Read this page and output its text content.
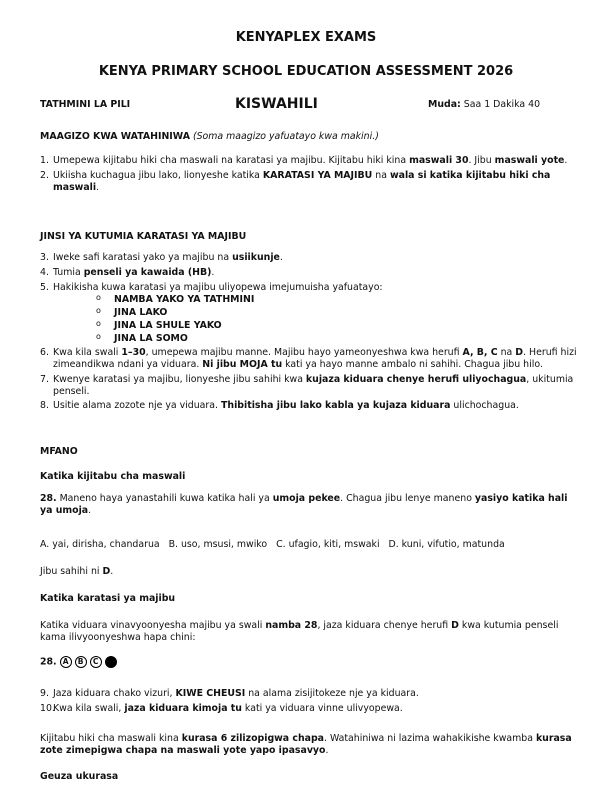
KENYAPLEX EXAMS
KENYA PRIMARY SCHOOL EDUCATION ASSESSMENT 2026
TATHMINI LA PILI	KISWAHILI	Muda: Saa 1 Dakika 40
MAAGIZO KWA WATAHINIWA (Soma maagizo yafuatayo kwa makini.)
1. Umepewa kijitabu hiki cha maswali na karatasi ya majibu. Kijitabu hiki kina maswali 30. Jibu maswali yote.
2. Ukiisha kuchagua jibu lako, lionyeshe katika KARATASI YA MAJIBU na wala si katika kijitabu hiki cha maswali.
JINSI YA KUTUMIA KARATASI YA MAJIBU
3. Iweke safi karatasi yako ya majibu na usiikunje.
4. Tumia penseli ya kawaida (HB).
5. Hakikisha kuwa karatasi ya majibu uliyopewa imejumuisha yafuatayo:
o NAMBA YAKO YA TATHMINI
o JINA LAKO
o JINA LA SHULE YAKO
o JINA LA SOMO
6. Kwa kila swali 1–30, umepewa majibu manne. Majibu hayo yameonyeshwa kwa herufi A, B, C na D. Herufi hizi zimeandikwa ndani ya viduara. Ni jibu MOJA tu kati ya hayo manne ambalo ni sahihi. Chagua jibu hilo.
7. Kwenye karatasi ya majibu, lionyeshe jibu sahihi kwa kujaza kiduara chenye herufi uliyochagua, ukitumia penseli.
8. Usitie alama zozote nje ya viduara. Thibitisha jibu lako kabla ya kujaza kiduara ulichochagua.
MFANO
Katika kijitabu cha maswali
28. Maneno haya yanastahili kuwa katika hali ya umoja pekee. Chagua jibu lenye maneno yasiyo katika hali ya umoja.
A. yai, dirisha, chandarua   B. uso, msusi, mwiko   C. ufagio, kiti, mswaki   D. kuni, vifutio, matunda
Jibu sahihi ni D.
Katika karatasi ya majibu
Katika viduara vinavyoonyesha majibu ya swali namba 28, jaza kiduara chenye herufi D kwa kutumia penseli kama ilivyoonyeshwa hapa chini:
28. A	B	C	D
9. Jaza kiduara chako vizuri, KIWE CHEUSI na alama zisijitokeze nje ya kiduara.
10.
Kwa kila swali, jaza kiduara kimoja tu kati ya viduara vinne ulivyopewa.
Kijitabu hiki cha maswali kina kurasa 6 zilizopigwa chapa. Watahiniwa ni lazima wahakikishe kwamba kurasa zote zimepigwa chapa na maswali yote yapo ipasavyo.
Geuza ukurasa
